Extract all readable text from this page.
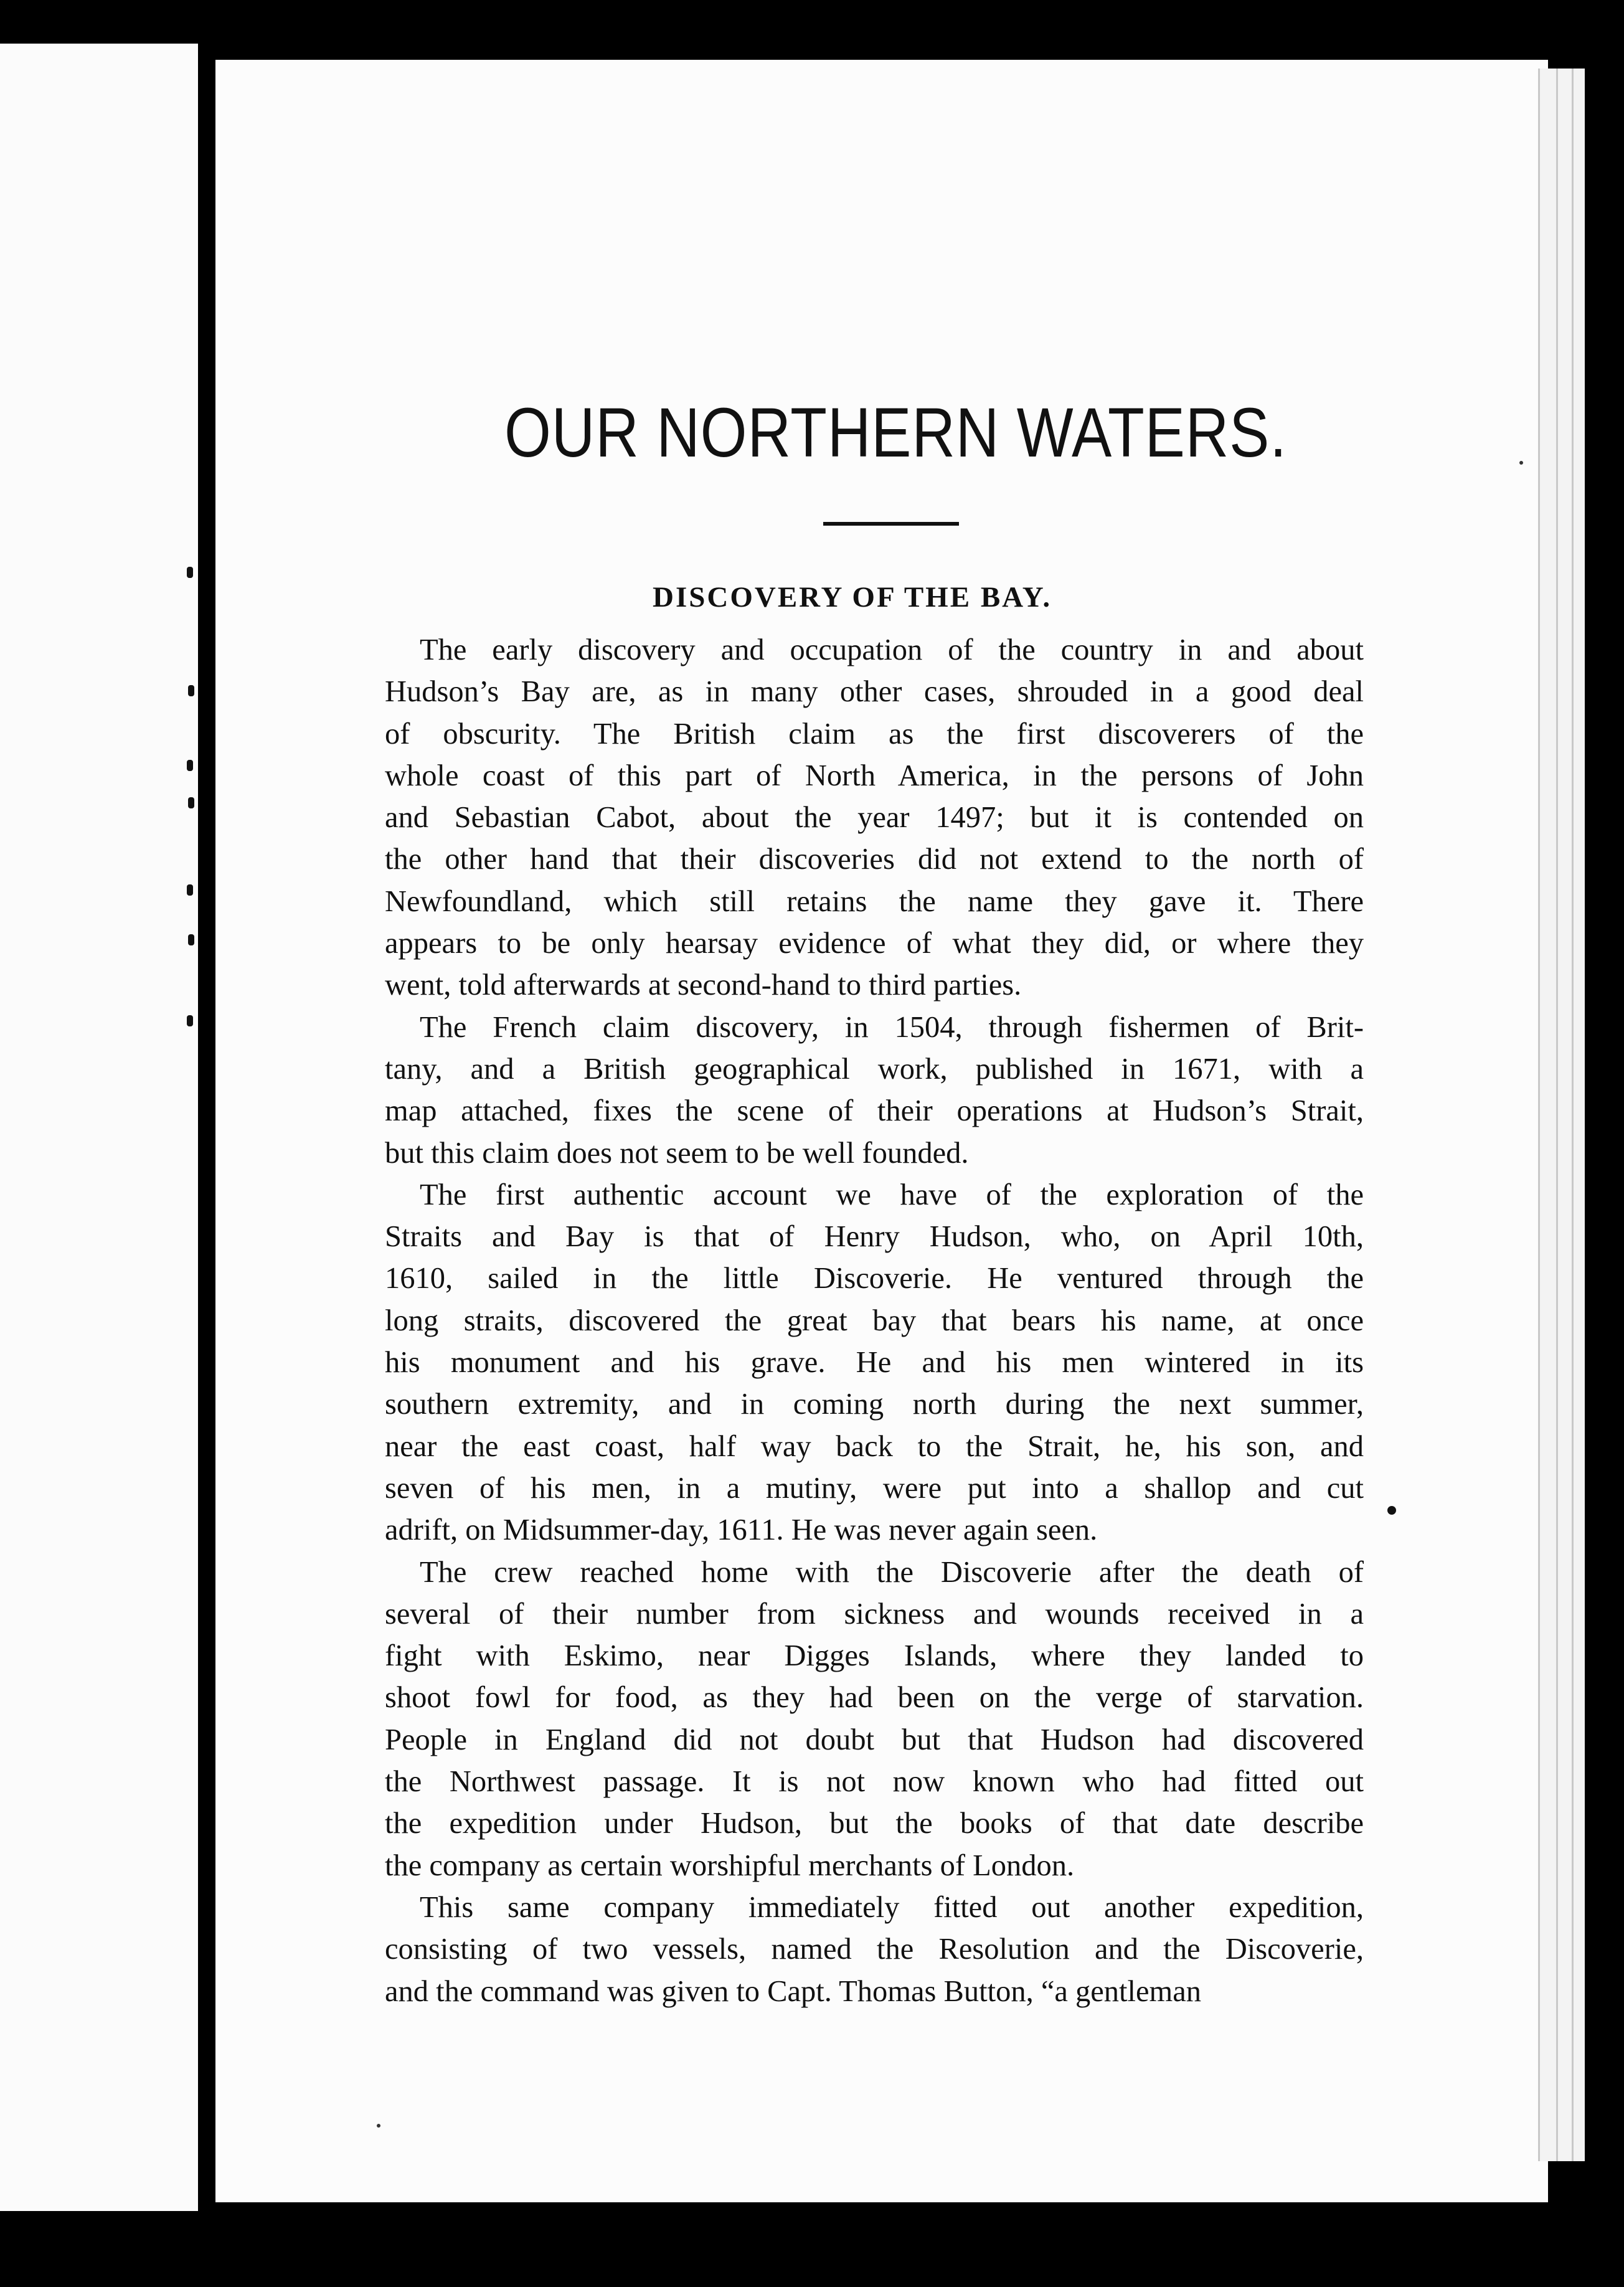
OUR NORTHERN WATERS.
DISCOVERY OF THE BAY.

The early discovery and occupation of the country in and about
Hudson’s Bay are, as in many other cases, shrouded in a good deal
of obscurity. The British claim as the first discoverers of the
whole coast of this part of North America, in the persons of John
and Sebastian Cabot, about the year 1497; but it is contended on
the other hand that their discoveries did not extend to the north of
Newfoundland, which still retains the name they gave it. There
appears to be only hearsay evidence of what they did, or where they
went, told afterwards at second-hand to third parties.

The French claim discovery, in 1504, through fishermen of Brit-
tany, and a British geographical work, published in 1671, with a
map attached, fixes the scene of their operations at Hudson’s Strait,
but this claim does not seem to be well founded.

The first authentic account we have of the exploration of the
Straits and Bay is that of Henry Hudson, who, on April 10th,
1610, sailed in the little Discoverie. He ventured through the
long straits, discovered the great bay that bears his name, at once
his monument and his grave. He and his men wintered in its
southern extremity, and in coming north during the next summer,
near the east coast, half way back to the Strait, he, his son, and
seven of his men, in a mutiny, were put into a shallop and cut
adrift, on Midsummer-day, 1611. He was never again seen.

The crew reached home with the Discoverie after the death of
several of their number from sickness and wounds received in a
fight with Eskimo, near Digges Islands, where they landed to
shoot fowl for food, as they had been on the verge of starvation.
People in England did not doubt but that Hudson had discovered
the Northwest passage. It is not now known who had fitted out
the expedition under Hudson, but the books of that date describe
the company as certain worshipful merchants of London.

This same company immediately fitted out another expedition,
consisting of two vessels, named the Resolution and the Discoverie,
and the command was given to Capt. Thomas Button, “a gentleman
